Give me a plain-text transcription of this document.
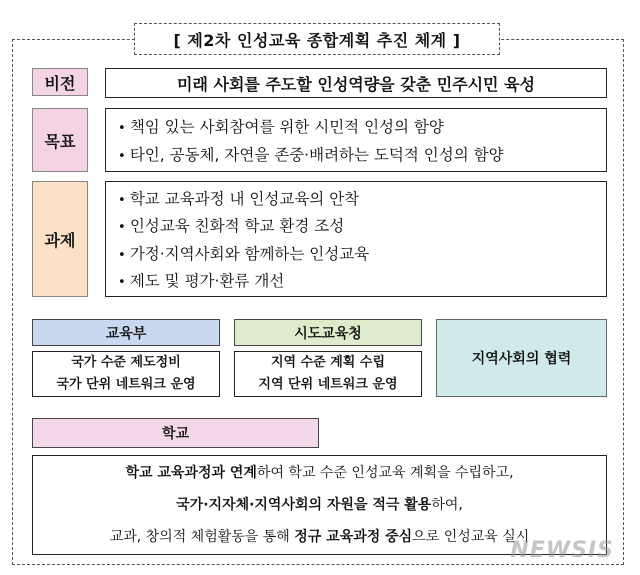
[ 제2차 인성교육 종합계획 추진 체계 ]
비전	미래 사회를 주도할 인성역량을 갖춘 민주시민 육성
목표
• 책임 있는 사회참여를 위한 시민적 인성의 함양
• 타인, 공동체, 자연을 존중·배려하는 도덕적 인성의 함양
과제
• 학교 교육과정 내 인성교육의 안착
• 인성교육 친화적 학교 환경 조성
• 가정·지역사회와 함께하는 인성교육
• 제도 및 평가·환류 개선
교육부
국가 수준 제도정비
국가 단위 네트워크 운영
시도교육청
지역 수준 계획 수립
지역 단위 네트워크 운영
지역사회의 협력
학교
학교 교육과정과 연계하여 학교 수준 인성교육 계획을 수립하고,
국가·지자체·지역사회의 자원을 적극 활용하여,
교과, 창의적 체험활동을 통해 정규 교육과정 중심으로 인성교육 실시
NEWSIS
